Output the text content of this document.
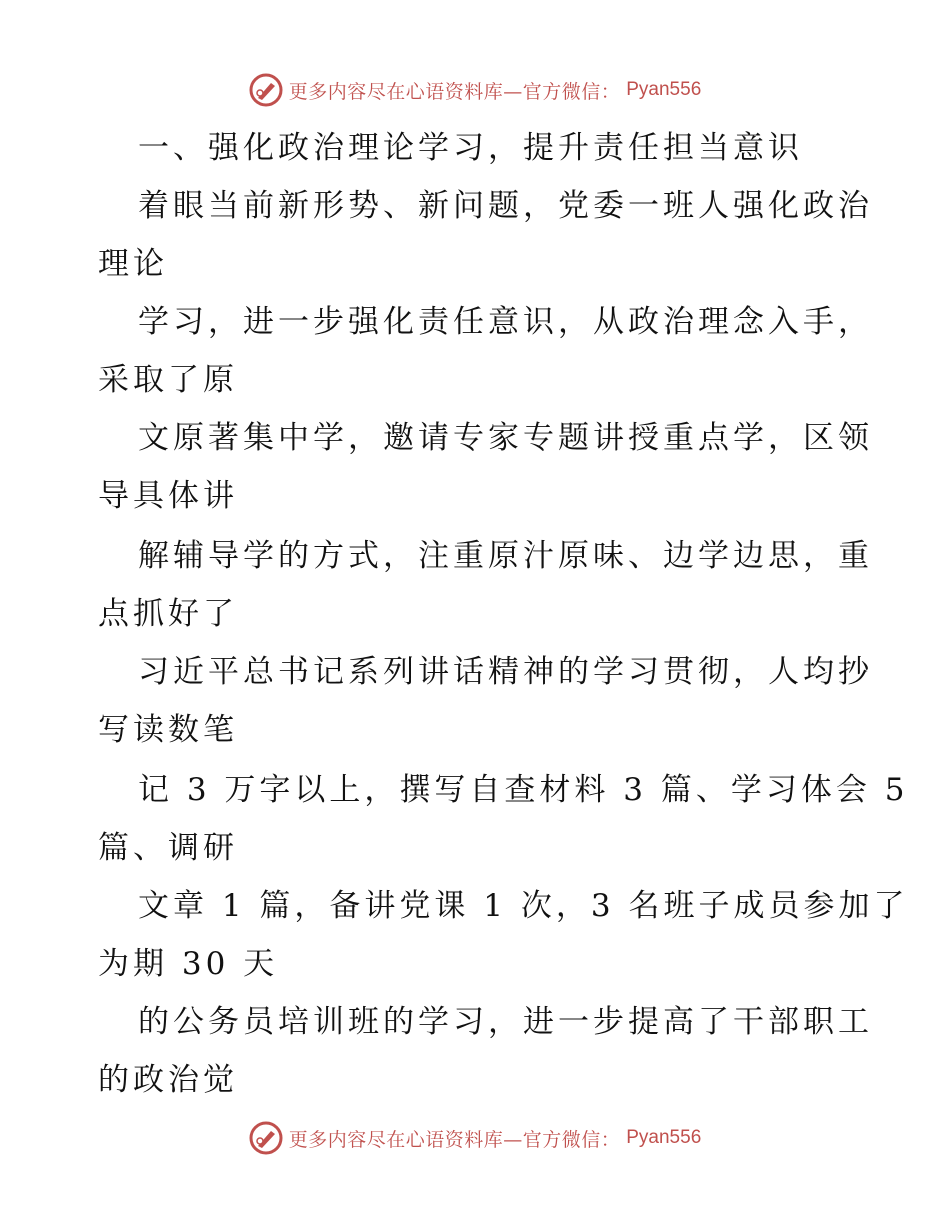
更多内容尽在心语资料库—官方微信： Pyan556
一、强化政治理论学习，提升责任担当意识
着眼当前新形势、新问题，党委一班人强化政治
理论
学习，进一步强化责任意识，从政治理念入手，
采取了原
文原著集中学，邀请专家专题讲授重点学，区领
导具体讲
解辅导学的方式，注重原汁原味、边学边思，重
点抓好了
习近平总书记系列讲话精神的学习贯彻，人均抄
写读数笔
记 3 万字以上，撰写自查材料 3 篇、学习体会 5
篇、调研
文章 1 篇，备讲党课 1 次，3 名班子成员参加了
为期 30 天
的公务员培训班的学习，进一步提高了干部职工
的政治觉
更多内容尽在心语资料库—官方微信： Pyan556
